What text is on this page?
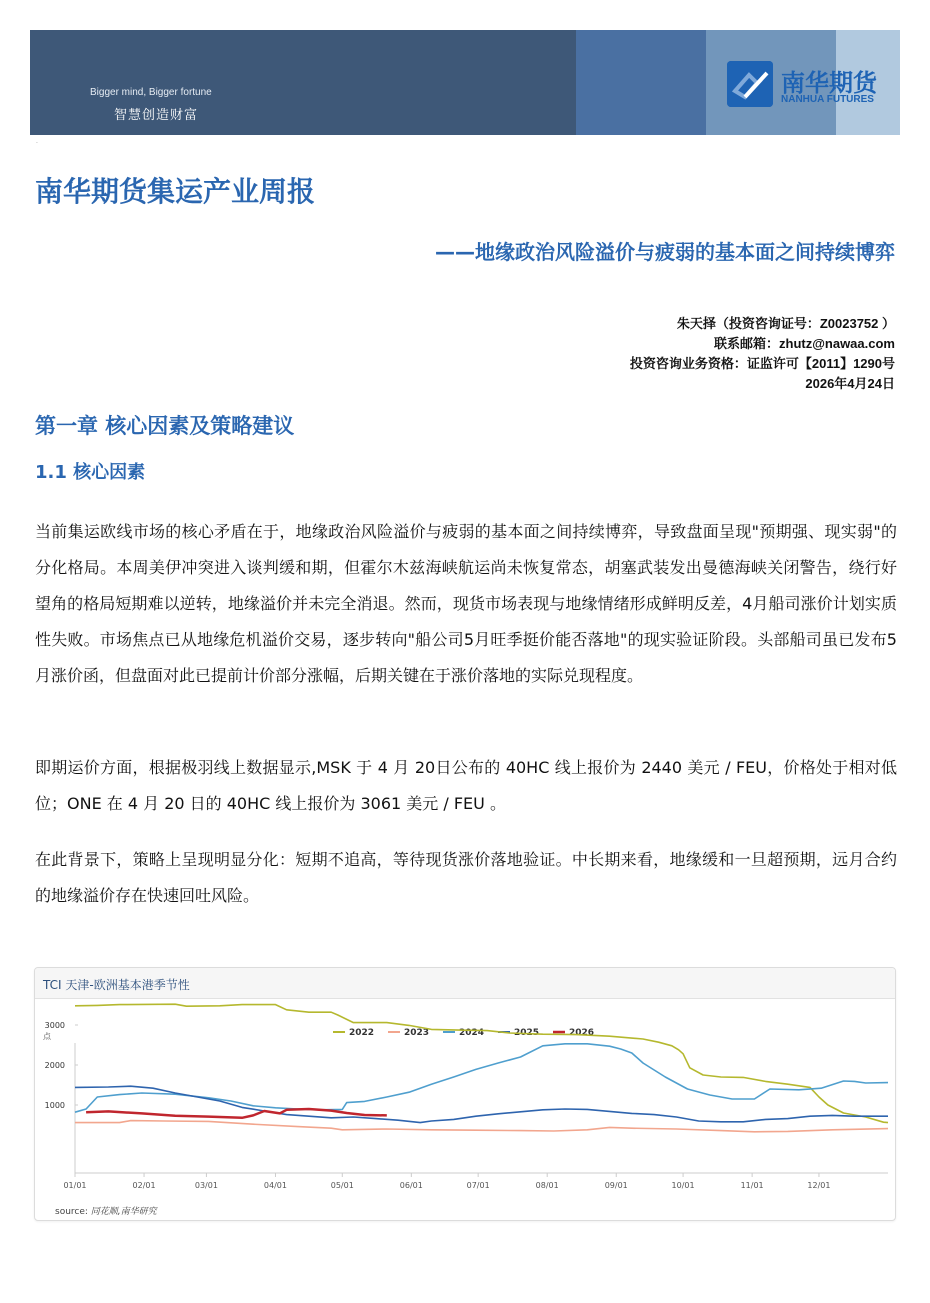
Bigger mind, Bigger fortune
智慧创造财富
南华期货
NANHUA FUTURES
·
南华期货集运产业周报
——地缘政治风险溢价与疲弱的基本面之间持续博弈
朱天择（投资咨询证号：Z0023752 ）
联系邮箱：zhutz@nawaa.com
投资咨询业务资格：证监许可【2011】1290号
2026年4月24日
第一章 核心因素及策略建议
1.1 核心因素
当前集运欧线市场的核心矛盾在于，地缘政治风险溢价与疲弱的基本面之间持续博弈，导致盘面呈现"预期强、现实弱"的分化格局。本周美伊冲突进入谈判缓和期，但霍尔木兹海峡航运尚未恢复常态，胡塞武装发出曼德海峡关闭警告，绕行好望角的格局短期难以逆转，地缘溢价并未完全消退。然而，现货市场表现与地缘情绪形成鲜明反差，4月船司涨价计划实质性失败。市场焦点已从地缘危机溢价交易，逐步转向"船公司5月旺季挺价能否落地"的现实验证阶段。头部船司虽已发布5月涨价函，但盘面对此已提前计价部分涨幅，后期关键在于涨价落地的实际兑现程度。
即期运价方面，根据极羽线上数据显示,MSK 于 4 月 20日公布的 40HC 线上报价为 2440 美元 / FEU，价格处于相对低位；ONE 在 4 月 20 日的 40HC 线上报价为 3061 美元 / FEU 。
在此背景下，策略上呈现明显分化：短期不追高，等待现货涨价落地验证。中长期来看，地缘缓和一旦超预期，远月合约的地缘溢价存在快速回吐风险。
TCI 天津-欧洲基本港季节性
点
1000
2000
3000
01/01	02/01	03/01	04/01	05/01	06/01	07/01	08/01	09/01	10/01	11/01	12/01
2022	2023	2024	2025	2026
source: 同花顺,南华研究
